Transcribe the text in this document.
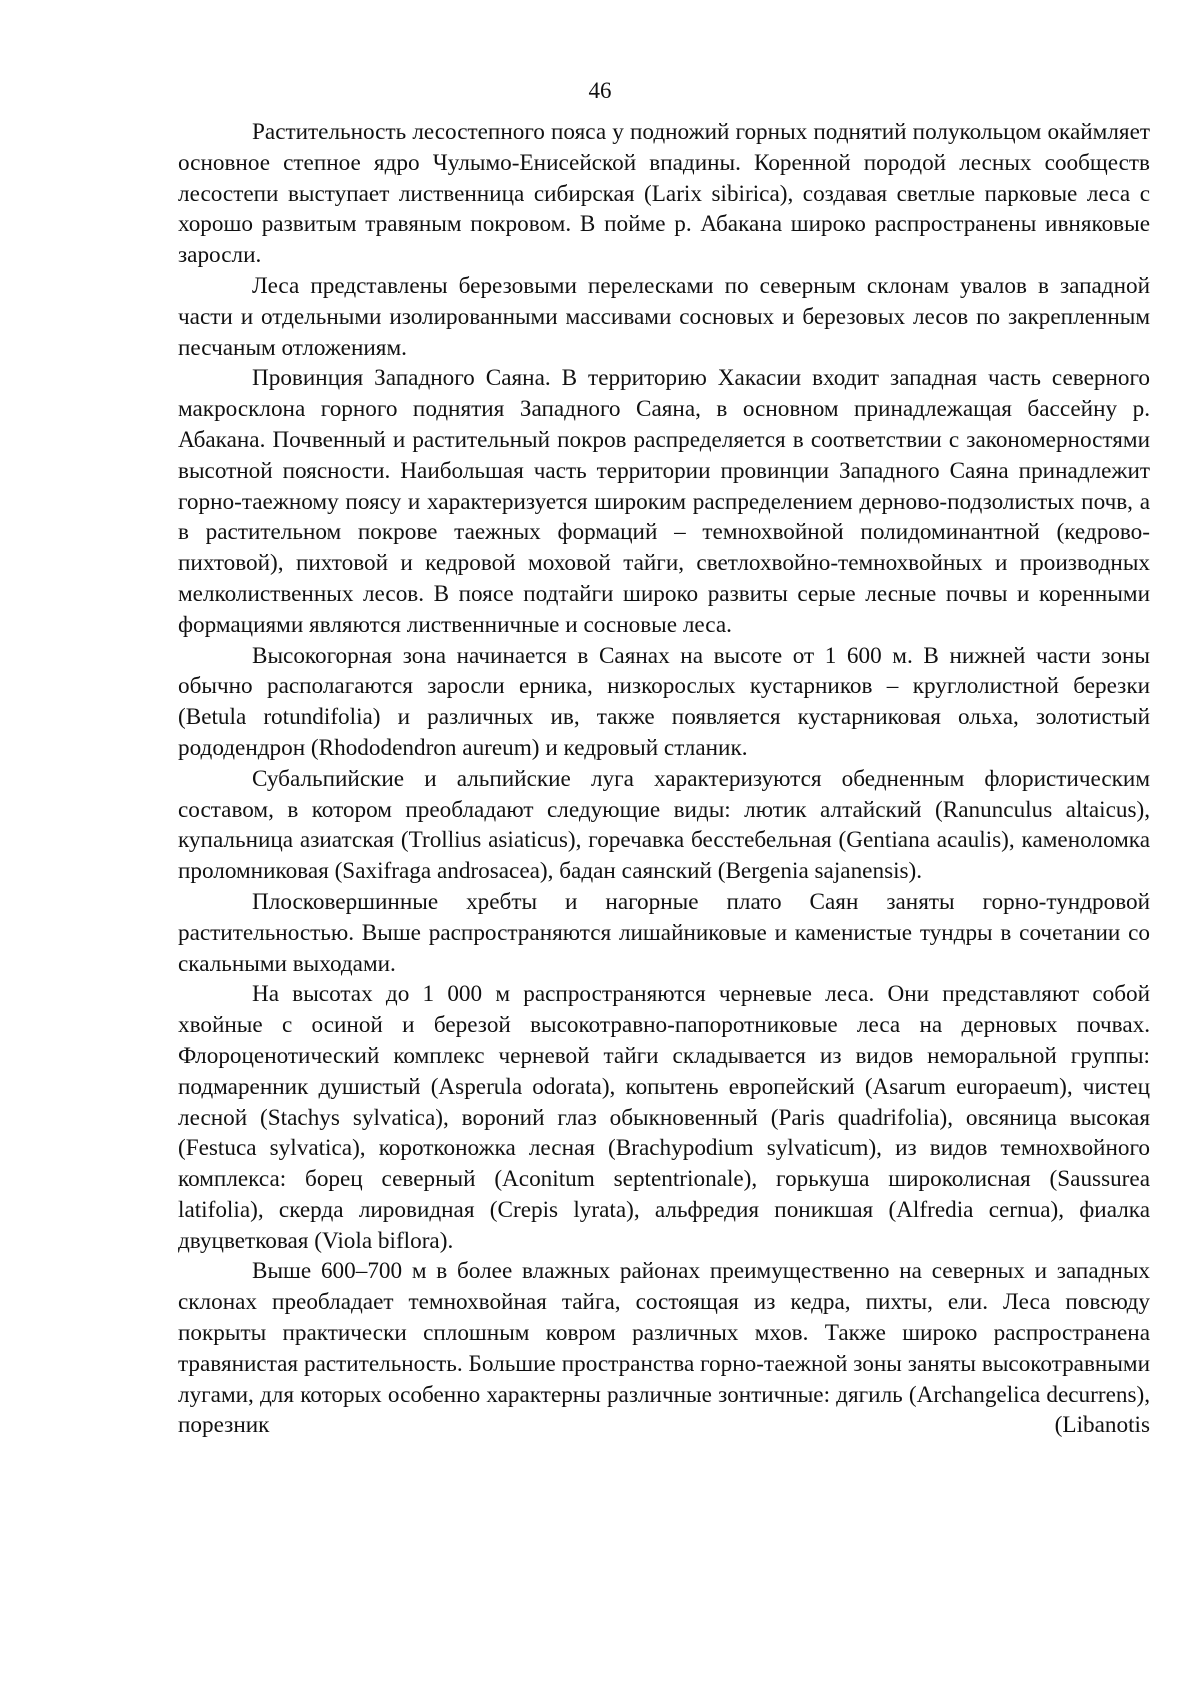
46

Растительность лесостепного пояса у подножий горных поднятий полукольцом окаймляет основное степное ядро Чулымо-Енисейской впадины. Коренной породой лесных сообществ лесостепи выступает лиственница сибирская (Larix sibirica), создавая светлые парковые леса с хорошо развитым травяным покровом. В пойме р. Абакана широко распространены ивняковые заросли.

Леса представлены березовыми перелесками по северным склонам увалов в западной части и отдельными изолированными массивами сосновых и березовых лесов по закрепленным песчаным отложениям.

Провинция Западного Саяна. В территорию Хакасии входит западная часть северного макросклона горного поднятия Западного Саяна, в основном принадлежащая бассейну р. Абакана. Почвенный и растительный покров распределяется в соответствии с закономерностями высотной поясности. Наибольшая часть территории провинции Западного Саяна принадлежит горно-таежному поясу и характеризуется широким распределением дерново-подзолистых почв, а в растительном покрове таежных формаций – темнохвойной полидоминантной (кедрово-пихтовой), пихтовой и кедровой моховой тайги, светлохвойно-темнохвойных и производных мелколиственных лесов. В поясе подтайги широко развиты серые лесные почвы и коренными формациями являются лиственничные и сосновые леса.

Высокогорная зона начинается в Саянах на высоте от 1 600 м. В нижней части зоны обычно располагаются заросли ерника, низкорослых кустарников – круглолистной березки (Betula rotundifolia) и различных ив, также появляется кустарниковая ольха, золотистый рододендрон (Rhododendron aureum) и кедровый стланик.

Субальпийские и альпийские луга характеризуются обедненным флористическим составом, в котором преобладают следующие виды: лютик алтайский (Ranunculus altaicus), купальница азиатская (Trollius asiaticus), горечавка бесстебельная (Gentiana acaulis), каменоломка проломниковая (Saxifraga androsacea), бадан саянский (Bergenia sajanensis).

Плосковершинные хребты и нагорные плато Саян заняты горно-тундровой растительностью. Выше распространяются лишайниковые и каменистые тундры в сочетании со скальными выходами.

На высотах до 1 000 м распространяются черневые леса. Они представляют собой хвойные с осиной и березой высокотравно-папоротниковые леса на дерновых почвах. Флороценотический комплекс черневой тайги складывается из видов неморальной группы: подмаренник душистый (Asperula odorata), копытень европейский (Asarum europaeum), чистец лесной (Stachys sylvatica), вороний глаз обыкновенный (Paris quadrifolia), овсяница высокая (Festuca sylvatica), коротконожка лесная (Brachypodium sylvaticum), из видов темнохвойного комплекса: борец северный (Aconitum septentrionale), горькуша широколисная (Saussurea latifolia), скерда лировидная (Crepis lyrata), альфредия поникшая (Alfredia cernua), фиалка двуцветковая (Viola biflora).

Выше 600–700 м в более влажных районах преимущественно на северных и западных склонах преобладает темнохвойная тайга, состоящая из кедра, пихты, ели. Леса повсюду покрыты практически сплошным ковром различных мхов. Также широко распространена травянистая растительность. Большие пространства горно-таежной зоны заняты высокотравными лугами, для которых особенно характерны различные зонтичные: дягиль (Archangelica decurrens), порезник (Libanotis
